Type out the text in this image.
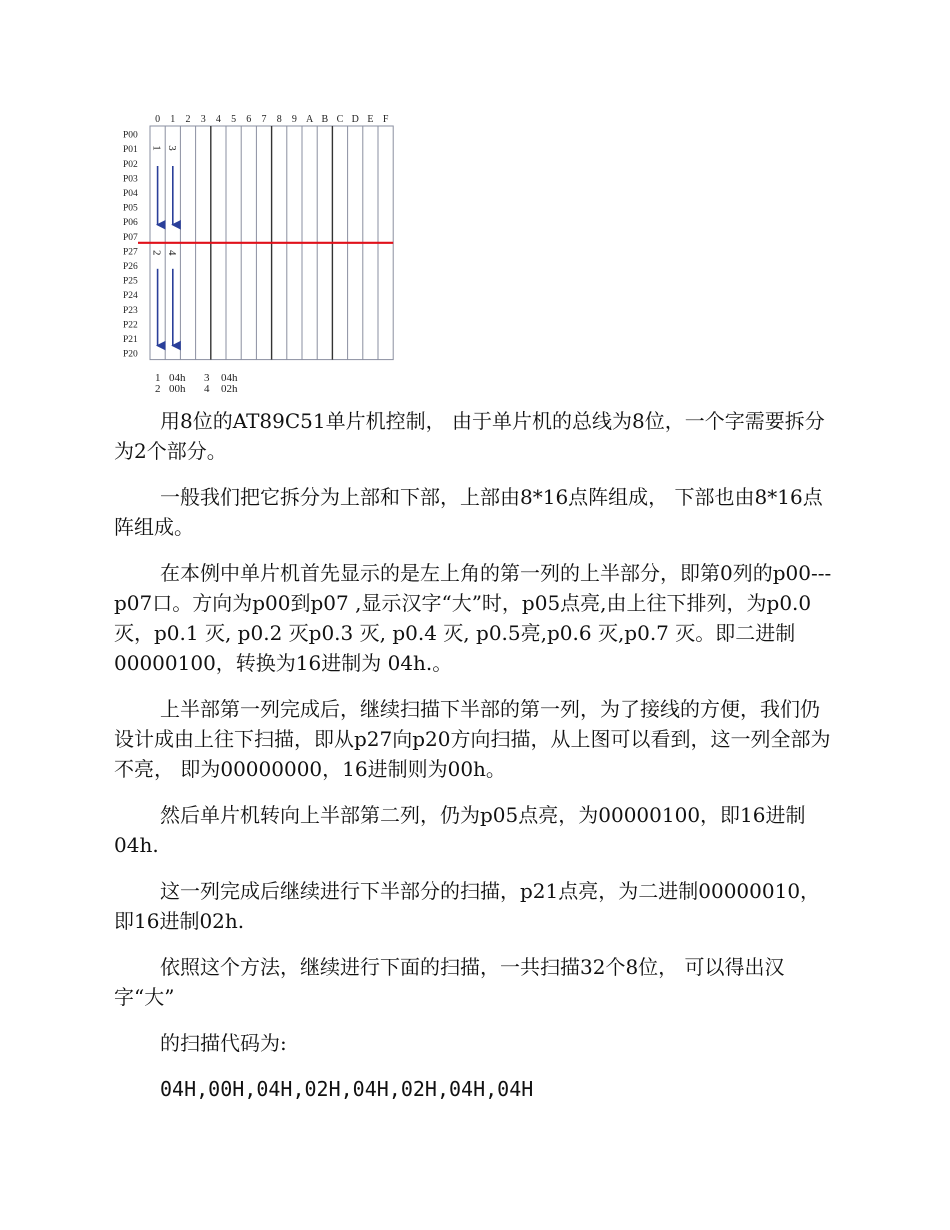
0 1 2 3 4 5 6 7 8 9 A B C D E F
P00
P01
P02
P03
P04
P05
P06
P07
P27
P26
P25
P24
P23
P22
P21
P20
1 3
2 4
1 04h 3 04h
2 00h 4 02h

用8位的AT89C51单片机控制， 由于单片机的总线为8位，一个字需要拆分为2个部分。

一般我们把它拆分为上部和下部，上部由8*16点阵组成， 下部也由8*16点阵组成。

在本例中单片机首先显示的是左上角的第一列的上半部分，即第0列的p00---p07口。方向为p00到p07 ,显示汉字“大”时，p05点亮,由上往下排列，为p0.0 灭，p0.1 灭, p0.2 灭p0.3 灭, p0.4 灭, p0.5亮,p0.6 灭,p0.7 灭。即二进制00000100，转换为16进制为 04h.。

上半部第一列完成后，继续扫描下半部的第一列，为了接线的方便，我们仍设计成由上往下扫描，即从p27向p20方向扫描，从上图可以看到，这一列全部为不亮， 即为00000000，16进制则为00h。

然后单片机转向上半部第二列，仍为p05点亮，为00000100，即16进制04h.

这一列完成后继续进行下半部分的扫描，p21点亮，为二进制00000010，即16进制02h.

依照这个方法，继续进行下面的扫描，一共扫描32个8位， 可以得出汉字“大”

的扫描代码为:

04H,00H,04H,02H,04H,02H,04H,04H
